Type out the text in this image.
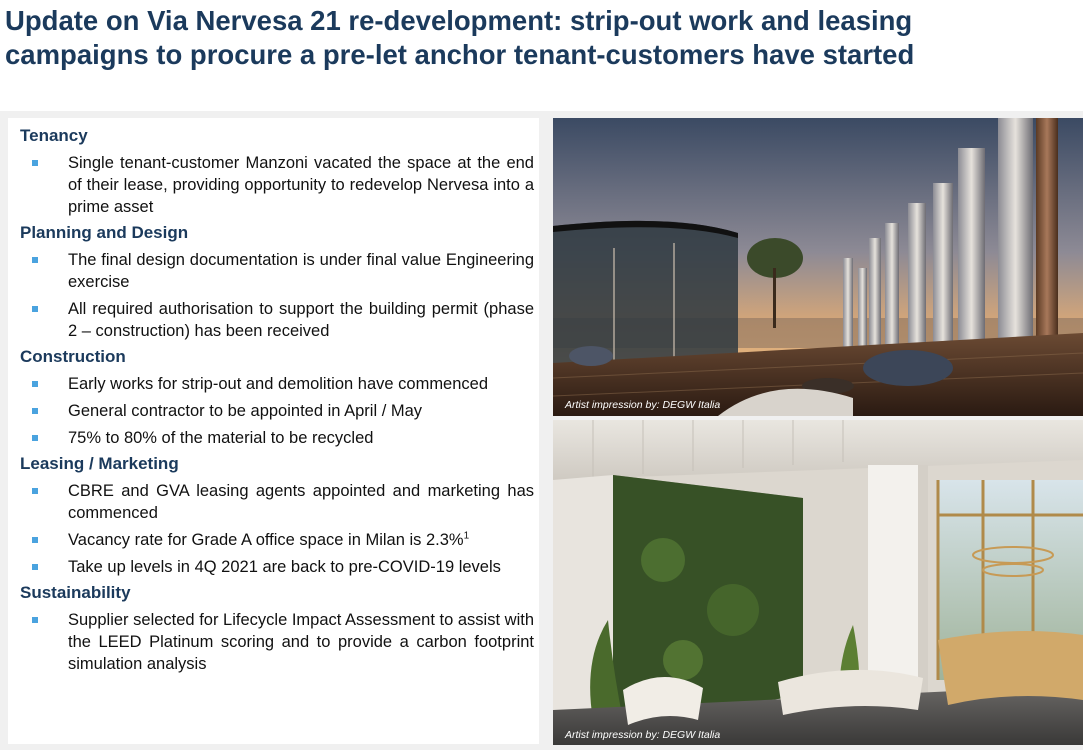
Update on Via Nervesa 21 re-development: strip-out work and leasing
campaigns to procure a pre-let anchor tenant-customers have started
Tenancy
Single tenant-customer Manzoni vacated the space at the end of their lease, providing opportunity to redevelop Nervesa into a prime asset
Planning and Design
The final design documentation is under final value Engineering exercise
All required authorisation to support the building permit (phase 2 – construction) has been received
Construction
Early works for strip-out and demolition have commenced
General contractor to be appointed in April / May
75% to 80% of the material to be recycled
Leasing / Marketing
CBRE and GVA leasing agents appointed and marketing has commenced
Vacancy rate for Grade A office space in Milan is 2.3%$^1$
Take up levels in 4Q 2021 are back to pre-COVID-19 levels
Sustainability
Supplier selected for Lifecycle Impact Assessment to assist with the LEED Platinum scoring and to provide a carbon footprint simulation analysis
Artist impression by: DEGW Italia
Artist impression by: DEGW Italia
